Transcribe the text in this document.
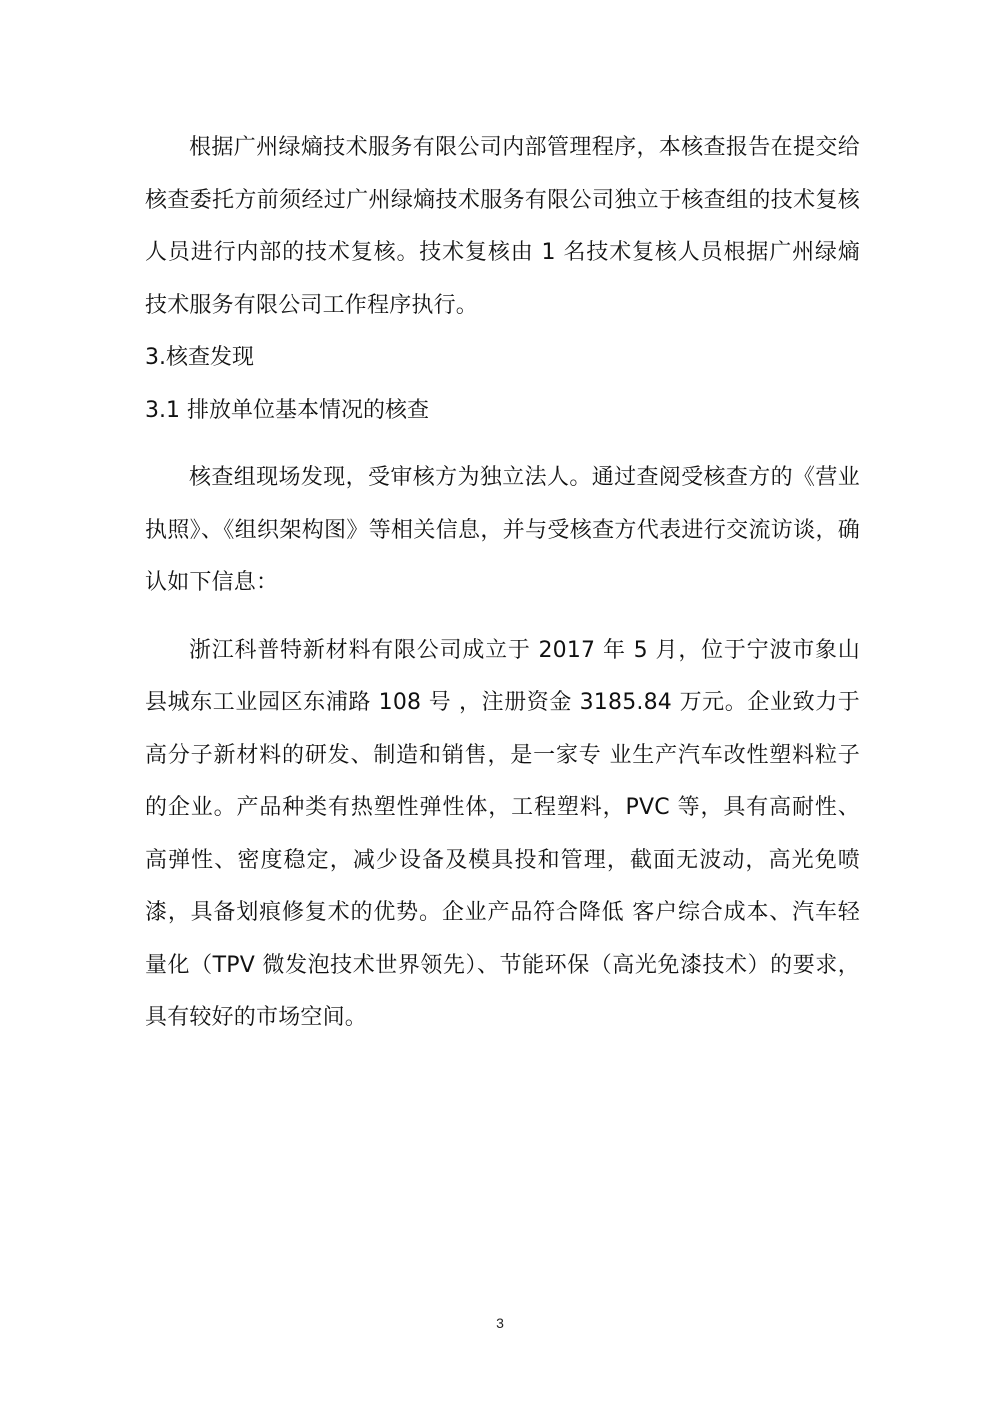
根据广州绿熵技术服务有限公司内部管理程序，本核查报告在提交给核查委托方前须经过广州绿熵技术服务有限公司独立于核查组的技术复核人员进行内部的技术复核。技术复核由 1 名技术复核人员根据广州绿熵技术服务有限公司工作程序执行。

3.核查发现

3.1 排放单位基本情况的核查

核查组现场发现，受审核方为独立法人。通过查阅受核查方的《营业执照》、《组织架构图》等相关信息，并与受核查方代表进行交流访谈，确认如下信息：

浙江科普特新材料有限公司成立于 2017 年 5 月，位于宁波市象山县城东工业园区东浦路 108 号 ，注册资金 3185.84 万元。企业致力于高分子新材料的研发、制造和销售，是一家专 业生产汽车改性塑料粒子的企业。产品种类有热塑性弹性体，工程塑料，PVC 等，具有高耐性、高弹性、密度稳定，减少设备及模具投和管理，截面无波动，高光免喷漆，具备划痕修复术的优势。企业产品符合降低 客户综合成本、汽车轻量化（TPV 微发泡技术世界领先）、节能环保（高光免漆技术）的要求，具有较好的市场空间。

3
